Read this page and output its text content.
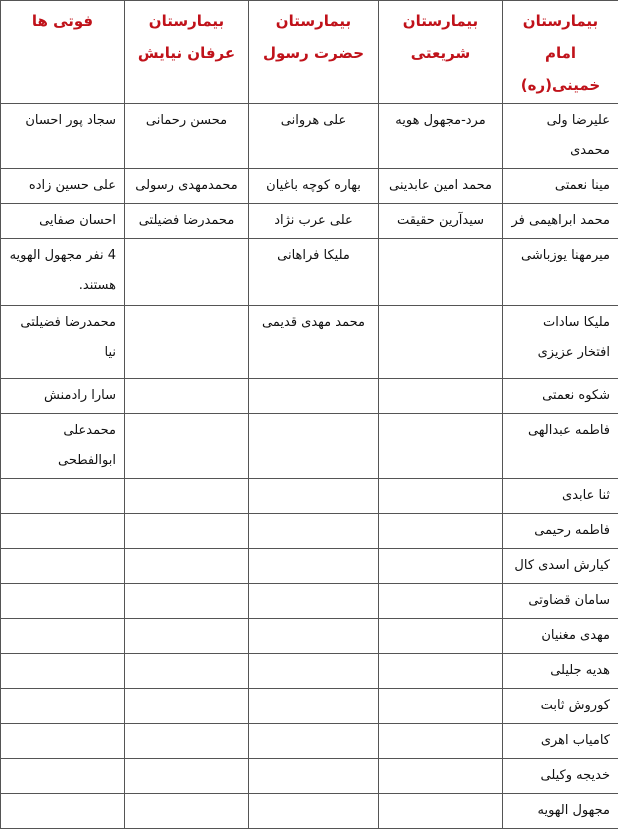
بیمارستان امام خمینی(ره)	بیمارستان شریعتی	بیمارستان حضرت رسول	بیمارستان عرفان نیایش	فوتی ها
علیرضا ولی محمدی	مرد-مجهول هویه	علی هروانی	محسن رحمانی	سجاد پور احسان
مینا نعمتی	محمد امین عابدینی	بهاره کوچه باغیان	محمدمهدی رسولی	علی حسین زاده
محمد ابراهیمی فر	سیدآرین حقیقت	علی عرب نژاد	محمدرضا فضیلتی	احسان صفایی
میرمهنا یوزباشی		ملیکا فراهانی		4 نفر مجهول الهویه هستند.
ملیکا سادات افتخار عزیزی		محمد مهدی قدیمی		محمدرضا فضیلتی نیا
شکوه نعمتی				سارا رادمنش
فاطمه عبدالهی				محمدعلی ابوالفطحی
ثنا عابدی				
فاطمه رحیمی				
کیارش اسدی کال				
سامان قضاوتی				
مهدی مغنیان				
هدیه جلیلی				
کوروش ثابت				
کامیاب اهری				
خدیجه وکیلی				
مجهول الهویه				
